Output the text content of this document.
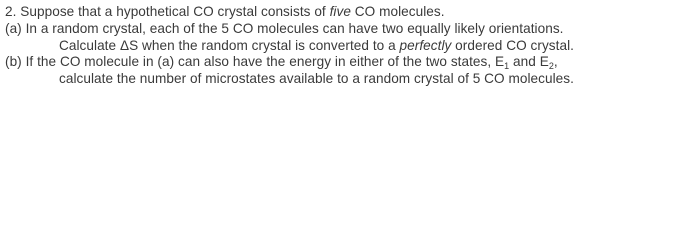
2. Suppose that a hypothetical CO crystal consists of five CO molecules.
(a) In a random crystal, each of the 5 CO molecules can have two equally likely orientations.
Calculate ΔS when the random crystal is converted to a perfectly ordered CO crystal.
(b) If the CO molecule in (a) can also have the energy in either of the two states, $E_1$ and $E_2$,
calculate the number of microstates available to a random crystal of 5 CO molecules.
